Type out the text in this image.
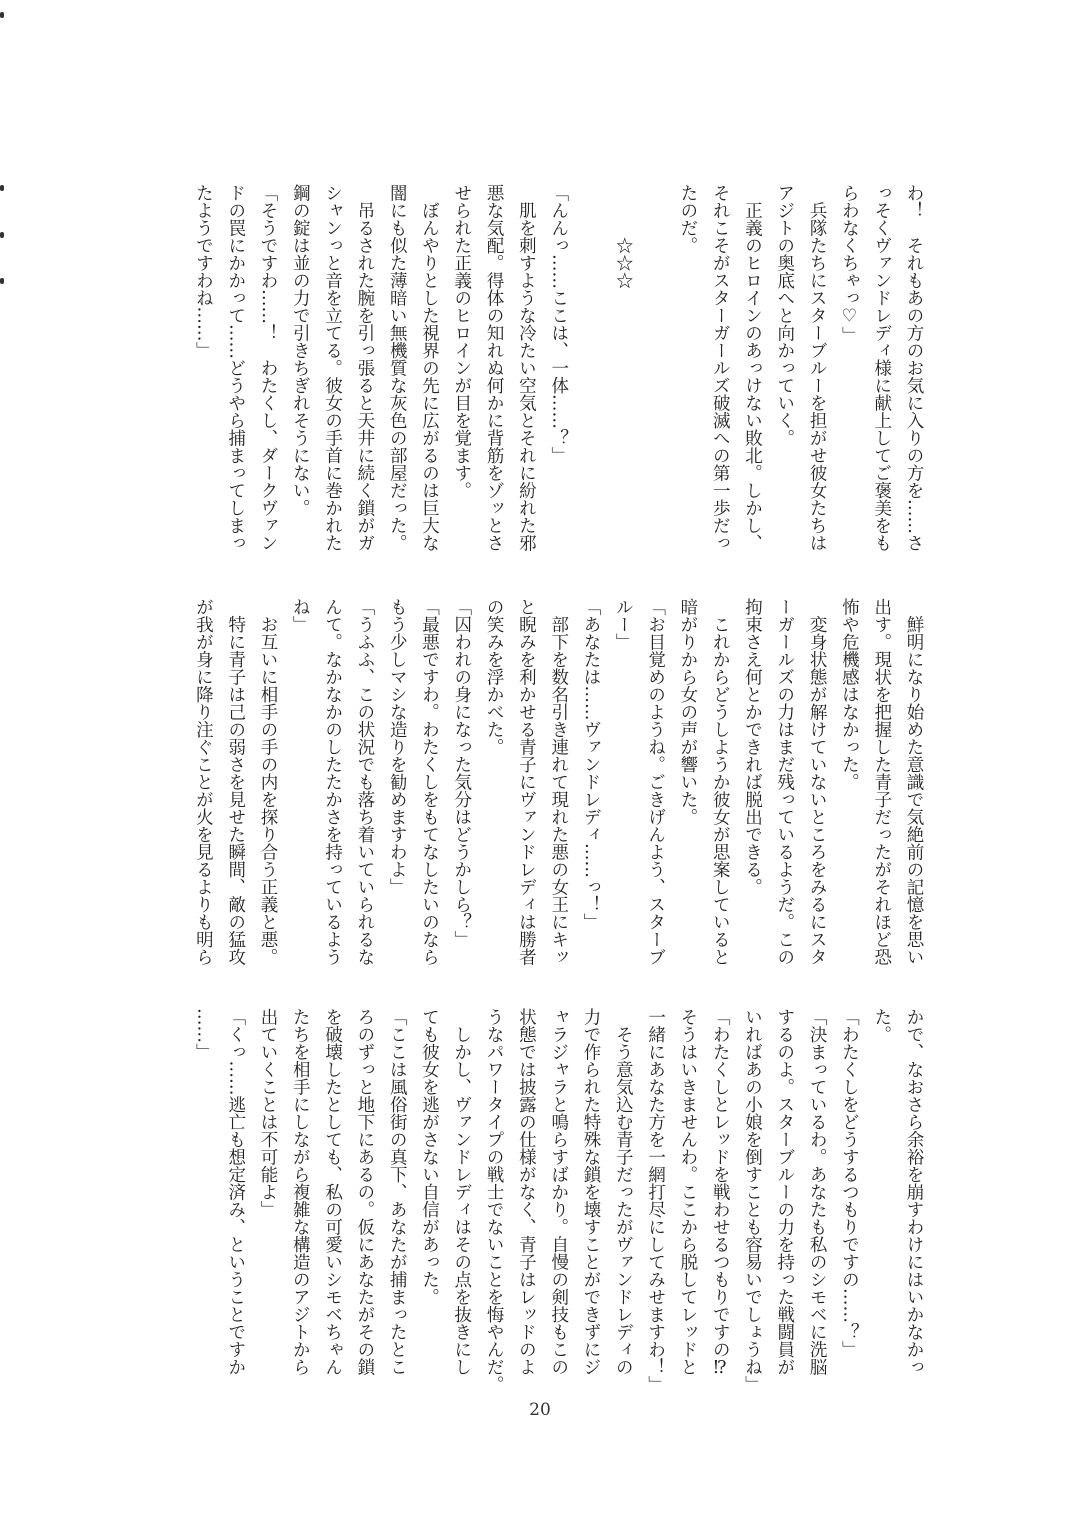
わ！　それもあの方のお気に入りの方を……さ
っそくヴァンドレディ様に献上してご褒美をも
らわなくちゃっ♡」
　兵隊たちにスターブルーを担がせ彼女たちは
アジトの奥底へと向かっていく。
　正義のヒロインのあっけない敗北。しかし、
それこそがスターガールズ破滅への第一歩だっ
たのだ。
　　　☆☆☆
「んんっ……ここは、一体……？」
　肌を刺すような冷たい空気とそれに紛れた邪
悪な気配。得体の知れぬ何かに背筋をゾッとさ
せられた正義のヒロインが目を覚ます。
　ぼんやりとした視界の先に広がるのは巨大な
闇にも似た薄暗い無機質な灰色の部屋だった。
　吊るされた腕を引っ張ると天井に続く鎖がガ
シャンっと音を立てる。彼女の手首に巻かれた
鋼の錠は並の力で引きちぎれそうにない。
「そうですわ……！　わたくし、ダークヴァン
ドの罠にかかって……どうやら捕まってしまっ
たようですわね……」
　鮮明になり始めた意識で気絶前の記憶を思い
出す。現状を把握した青子だったがそれほど恐
怖や危機感はなかった。
　変身状態が解けていないところをみるにスタ
ーガールズの力はまだ残っているようだ。この
拘束さえ何とかできれば脱出できる。
　これからどうしようか彼女が思案していると
暗がりから女の声が響いた。
「お目覚めのようね。ごきげんよう、スターブ
ルー」
「あなたは……ヴァンドレディ……っ！」
　部下を数名引き連れて現れた悪の女王にキッ
と睨みを利かせる青子にヴァンドレディは勝者
の笑みを浮かべた。
「囚われの身になった気分はどうかしら？」
「最悪ですわ。わたくしをもてなしたいのなら
もう少しマシな造りを勧めますわよ」
「うふふ、この状況でも落ち着いていられるな
んて。なかなかのしたたかさを持っているよう
ね」
　お互いに相手の手の内を探り合う正義と悪。
　特に青子は己の弱さを見せた瞬間、敵の猛攻
が我が身に降り注ぐことが火を見るよりも明ら
かで、なおさら余裕を崩すわけにはいかなかっ
た。
「わたくしをどうするつもりですの……？」
「決まっているわ。あなたも私のシモベに洗脳
するのよ。スターブルーの力を持った戦闘員が
いればあの小娘を倒すことも容易いでしょうね」
「わたくしとレッドを戦わせるつもりですの⁉
そうはいきませんわ。ここから脱してレッドと
一緒にあなた方を一網打尽にしてみせますわ！」
　そう意気込む青子だったがヴァンドレディの
力で作られた特殊な鎖を壊すことができずにジ
ャラジャラと鳴らすばかり。自慢の剣技もこの
状態では披露の仕様がなく、青子はレッドのよ
うなパワータイプの戦士でないことを悔やんだ。
　しかし、ヴァンドレディはその点を抜きにし
ても彼女を逃がさない自信があった。
「ここは風俗街の真下、あなたが捕まったとこ
ろのずっと地下にあるの。仮にあなたがその鎖
を破壊したとしても、私の可愛いシモベちゃん
たちを相手にしながら複雑な構造のアジトから
出ていくことは不可能よ」
「くっ……逃亡も想定済み、ということですか
……」
20
